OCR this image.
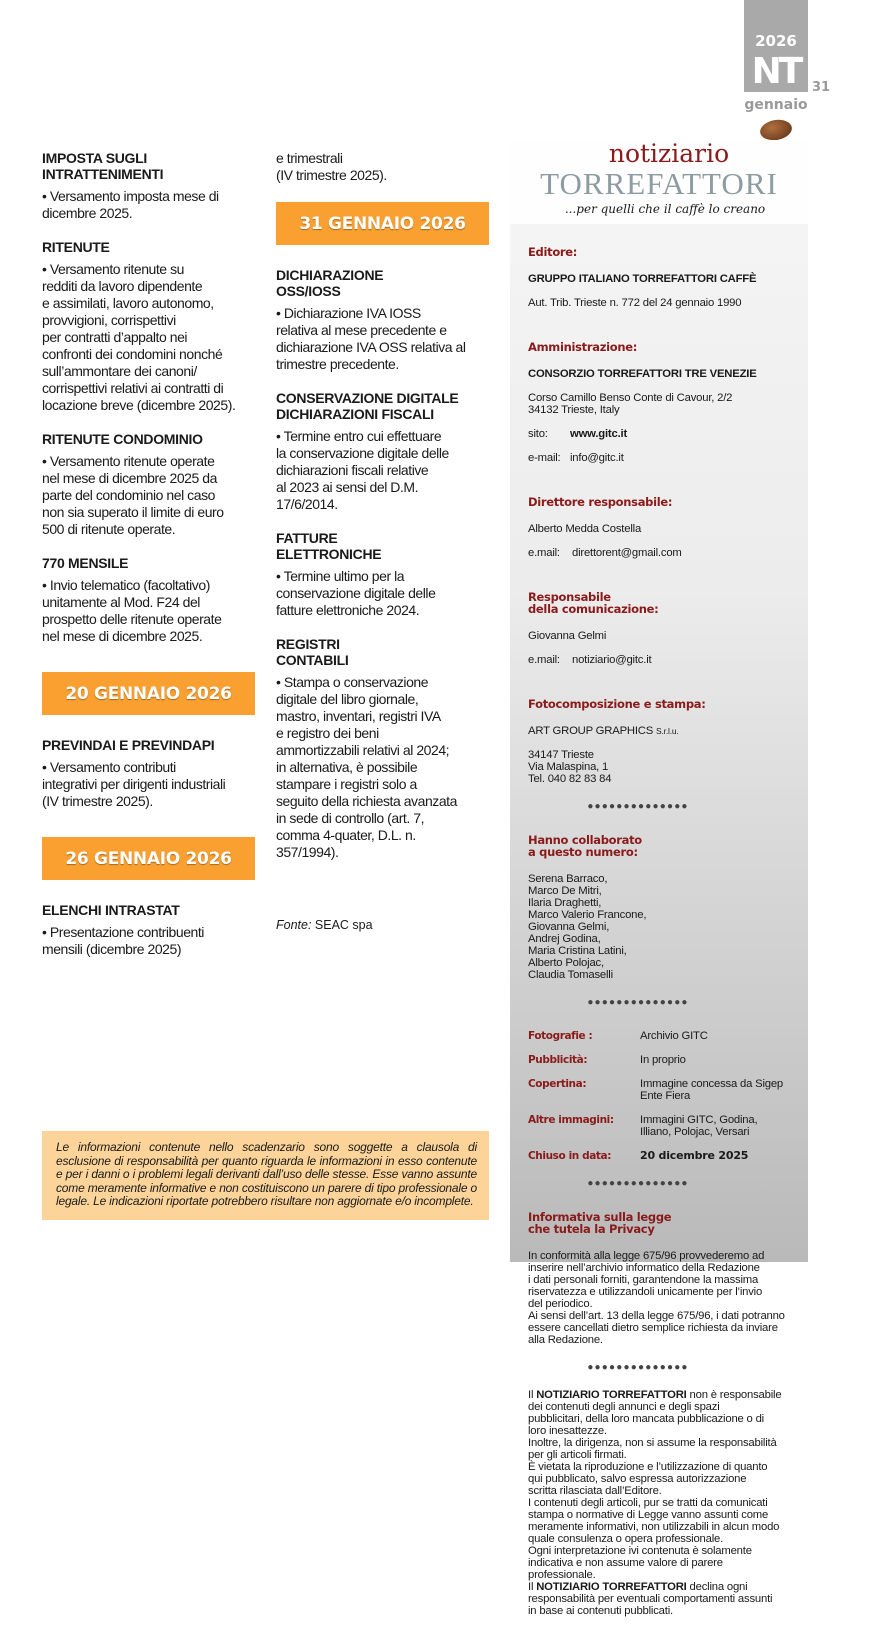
2026
NT
gennaio
31
notiziario
TORREFATTORI
...per quelli che il caffè lo creano

Editore:

GRUPPO ITALIANO TORREFATTORI CAFFÈ

Aut. Trib. Trieste n. 772 del 24 gennaio 1990

Amministrazione:

CONSORZIO TORREFATTORI TRE VENEZIE

Corso Camillo Benso Conte di Cavour, 2/2
34132 Trieste, Italy

sito:	www.gitc.it

e-mail: info@gitc.it

Direttore responsabile:

Alberto Medda Costella

e.mail:	direttorent@gmail.com

Responsabile
della comunicazione:

Giovanna Gelmi

e.mail:	notiziario@gitc.it

Fotocomposizione e stampa:

ART GROUP GRAPHICS S.r.l.u.

34147 Trieste
Via Malaspina, 1
Tel. 040 82 83 84

●●●●●●●●●●●●●●

Hanno collaborato
a questo numero:

Serena Barraco,
Marco De Mitri,
Ilaria Draghetti,
Marco Valerio Francone,
Giovanna Gelmi,
Andrej Godina,
Maria Cristina Latini,
Alberto Polojac,
Claudia Tomaselli

●●●●●●●●●●●●●●

Fotografie :	Archivio GITC

Pubblicità:	In proprio

Copertina:	Immagine concessa da Sigep
Ente Fiera

Altre immagini:	Immagini GITC, Godina,
Illiano, Polojac, Versari

Chiuso in data:	20 dicembre 2025

●●●●●●●●●●●●●●

Informativa sulla legge
che tutela la Privacy

In conformità alla legge 675/96 provvederemo ad
inserire nell’archivio informatico della Redazione
i dati personali forniti, garantendone la massima
riservatezza e utilizzandoli unicamente per l’invio
del periodico.
Ai sensi dell’art. 13 della legge 675/96, i dati potranno
essere cancellati dietro semplice richiesta da inviare
alla Redazione.

●●●●●●●●●●●●●●
Il NOTIZIARIO TORREFATTORI non è responsabile
dei contenuti degli annunci e degli spazi
pubblicitari, della loro mancata pubblicazione o di
loro inesattezze.
Inoltre, la dirigenza, non si assume la responsabilità
per gli articoli firmati.
È vietata la riproduzione e l’utilizzazione di quanto
qui pubblicato, salvo espressa autorizzazione
scritta rilasciata dall’Editore.
I contenuti degli articoli, pur se tratti da comunicati
stampa o normative di Legge vanno assunti come
meramente informativi, non utilizzabili in alcun modo
quale consulenza o opera professionale.
Ogni interpretazione ivi contenuta è solamente
indicativa e non assume valore di parere
professionale.
Il NOTIZIARIO TORREFATTORI declina ogni
responsabilità per eventuali comportamenti assunti
in base ai contenuti pubblicati.
IMPOSTA SUGLI
INTRATTENIMENTI
• Versamento imposta mese di
dicembre 2025.
RITENUTE
• Versamento ritenute su
redditi da lavoro dipendente
e assimilati, lavoro autonomo,
provvigioni, corrispettivi
per contratti d’appalto nei
confronti dei condomini nonché
sull’ammontare dei canoni/
corrispettivi relativi ai contratti di
locazione breve (dicembre 2025).
RITENUTE CONDOMINIO
• Versamento ritenute operate
nel mese di dicembre 2025 da
parte del condominio nel caso
non sia superato il limite di euro
500 di ritenute operate.
770 MENSILE
• Invio telematico (facoltativo)
unitamente al Mod. F24 del
prospetto delle ritenute operate
nel mese di dicembre 2025.
20 GENNAIO 2026
PREVINDAI E PREVINDAPI
• Versamento contributi
integrativi per dirigenti industriali
(IV trimestre 2025).
26 GENNAIO 2026
ELENCHI INTRASTAT
• Presentazione contribuenti
mensili (dicembre 2025)
e trimestrali
(IV trimestre 2025).
31 GENNAIO 2026
DICHIARAZIONE
OSS/IOSS
• Dichiarazione IVA IOSS
relativa al mese precedente e
dichiarazione IVA OSS relativa al
trimestre precedente.
CONSERVAZIONE DIGITALE
DICHIARAZIONI FISCALI
• Termine entro cui effettuare
la conservazione digitale delle
dichiarazioni fiscali relative
al 2023 ai sensi del D.M.
17/6/2014.
FATTURE
ELETTRONICHE
• Termine ultimo per la
conservazione digitale delle
fatture elettroniche 2024.
REGISTRI
CONTABILI
• Stampa o conservazione
digitale del libro giornale,
mastro, inventari, registri IVA
e registro dei beni
ammortizzabili relativi al 2024;
in alternativa, è possibile
stampare i registri solo a
seguito della richiesta avanzata
in sede di controllo (art. 7,
comma 4-quater, D.L. n.
357/1994).
Fonte: SEAC spa
Le informazioni contenute nello scadenzario sono soggette a clausola di esclusione di responsabilità per quanto riguarda le informazioni in esso contenute e per i danni o i problemi legali derivanti dall’uso delle stesse. Esse vanno assunte come meramente informative e non costituiscono un parere di tipo professionale o legale. Le indicazioni riportate potrebbero risultare non aggiornate e/o incomplete.
